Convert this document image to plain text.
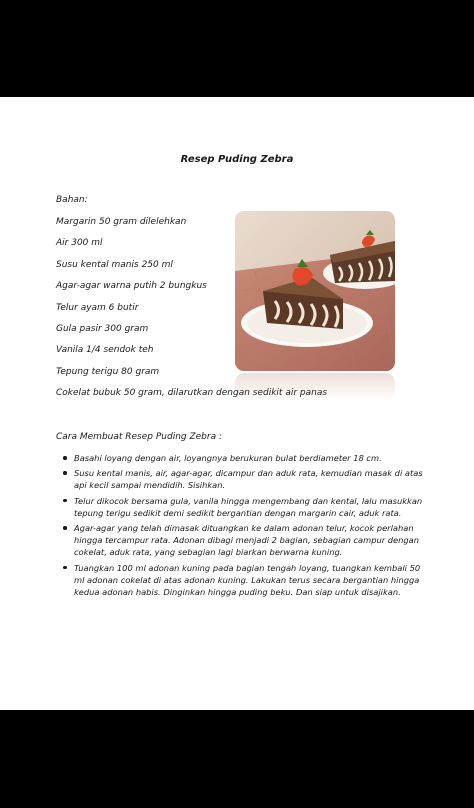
Resep Puding Zebra
Bahan:
Margarin 50 gram dilelehkan
Air 300 ml
Susu kental manis 250 ml
Agar-agar warna putih 2 bungkus
Telur ayam 6 butir
Gula pasir 300 gram
Vanila 1/4 sendok teh
Tepung terigu 80 gram
Cokelat bubuk 50 gram, dilarutkan dengan sedikit air panas
Cara Membuat Resep Puding Zebra :
Basahi loyang dengan air, loyangnya berukuran bulat berdiameter 18 cm.
Susu kental manis, air, agar-agar, dicampur dan aduk rata, kemudian masak di atas api kecil sampai mendidih. Sisihkan.
Telur dikocok bersama gula, vanila hingga mengembang dan kental, lalu masukkan tepung terigu sedikit demi sedikit bergantian dengan margarin cair, aduk rata.
Agar-agar yang telah dimasak dituangkan ke dalam adonan telur, kocok perlahan hingga tercampur rata. Adonan dibagi menjadi 2 bagian, sebagian campur dengan cokelat, aduk rata, yang sebagian lagi biarkan berwarna kuning.
Tuangkan 100 ml adonan kuning pada bagian tengah loyang, tuangkan kembali 50 ml adonan cokelat di atas adonan kuning. Lakukan terus secara bergantian hingga kedua adonan habis. Dinginkan hingga puding beku. Dan siap untuk disajikan.
